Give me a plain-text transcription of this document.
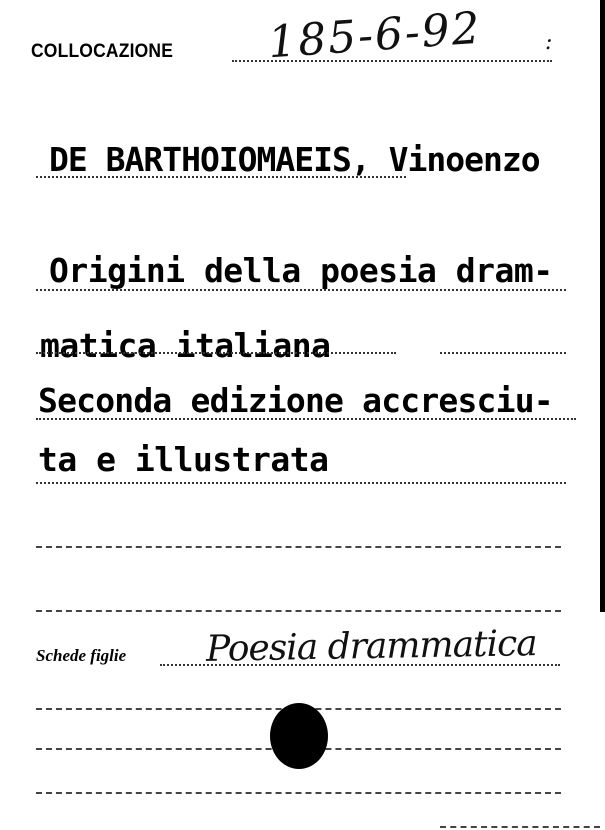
COLLOCAZIONE 185-6-92	:
DE BARTHOIOMAEIS, Vinoenzo
Origini della poesia dram-
matica italiana
Seconda edizione accresciu-
ta e illustrata
Schede figlie Poesia drammatica
